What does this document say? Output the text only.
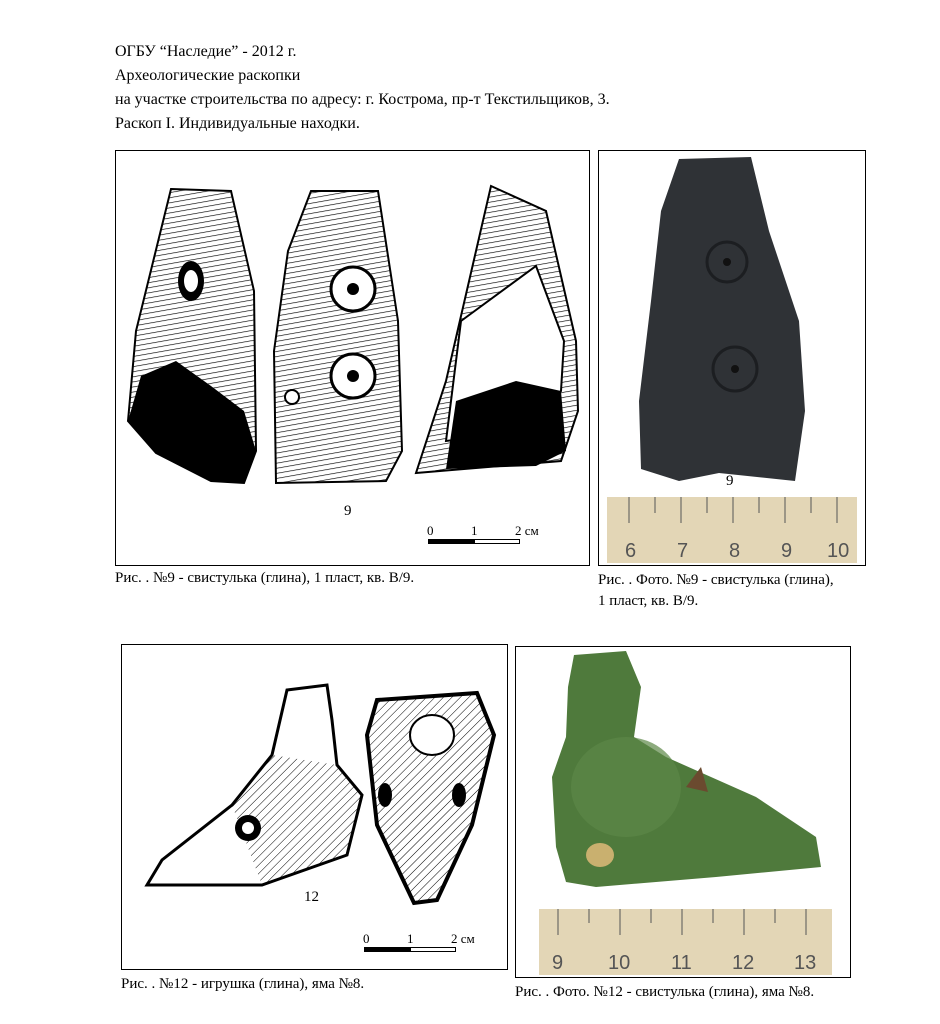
ОГБУ “Наследие” - 2012 г.
Археологические раскопки
на участке строительства по адресу: г. Кострома, пр-т Текстильщиков, 3.
Раскоп I. Индивидуальные находки.
9
0	1	2 см
Рис. . №9 - свистулька (глина), 1 пласт, кв. В/9.
6 7 8 9 10
9
Рис. . Фото. №9 - свистулька (глина),
1 пласт, кв. В/9.
12
0	1	2 см
Рис. . №12 - игрушка (глина), яма №8.
9 10 11 12 13
Рис. . Фото. №12 - свистулька (глина), яма №8.
